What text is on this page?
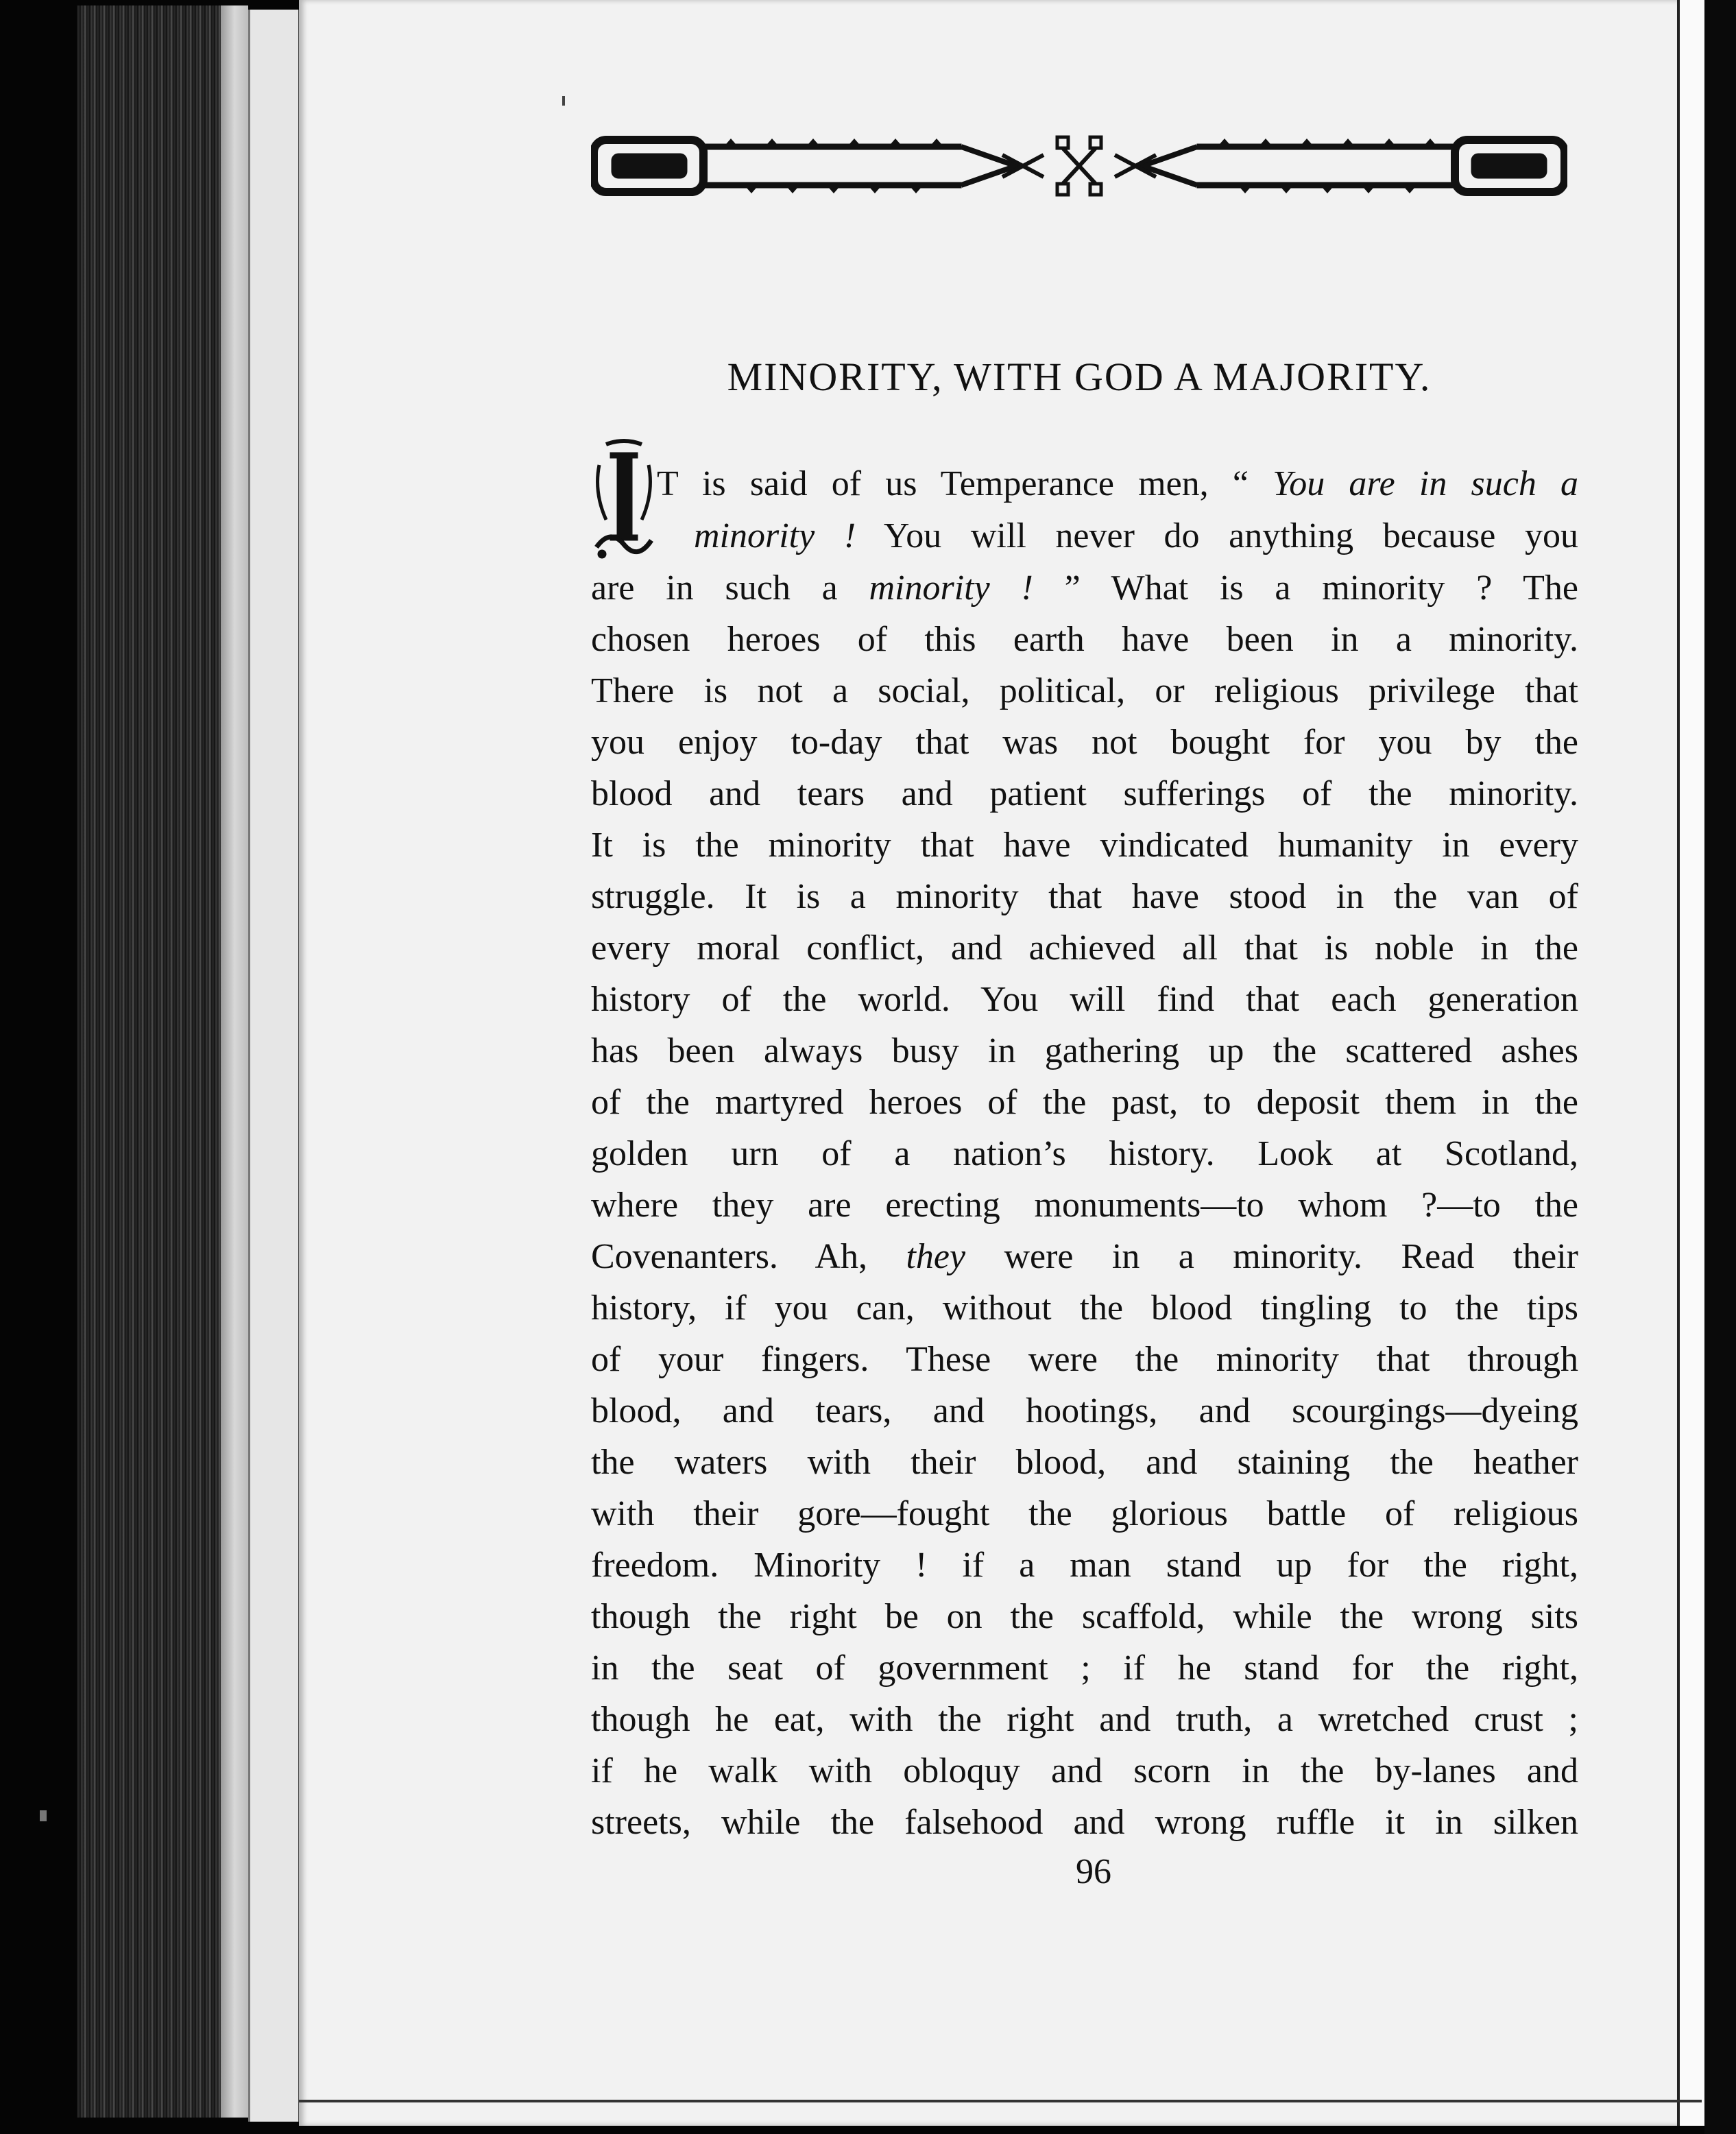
MINORITY, WITH GOD A MAJORITY.
T is said of us Temperance men, “ You are in such a
minority ! You will never do anything because you
are in such a minority ! ” What is a minority ? The
chosen heroes of this earth have been in a minority.
There is not a social, political, or religious privilege that
you enjoy to-day that was not bought for you by the
blood and tears and patient sufferings of the minority.
It is the minority that have vindicated humanity in every
struggle. It is a minority that have stood in the van of
every moral conflict, and achieved all that is noble in the
history of the world. You will find that each generation
has been always busy in gathering up the scattered ashes
of the martyred heroes of the past, to deposit them in the
golden urn of a nation’s history. Look at Scotland,
where they are erecting monuments—to whom ?—to the
Covenanters. Ah, they were in a minority. Read their
history, if you can, without the blood tingling to the tips
of your fingers. These were the minority that through
blood, and tears, and hootings, and scourgings—dyeing
the waters with their blood, and staining the heather
with their gore—fought the glorious battle of religious
freedom. Minority ! if a man stand up for the right,
though the right be on the scaffold, while the wrong sits
in the seat of government ; if he stand for the right,
though he eat, with the right and truth, a wretched crust ;
if he walk with obloquy and scorn in the by-lanes and
streets, while the falsehood and wrong ruffle it in silken
96
